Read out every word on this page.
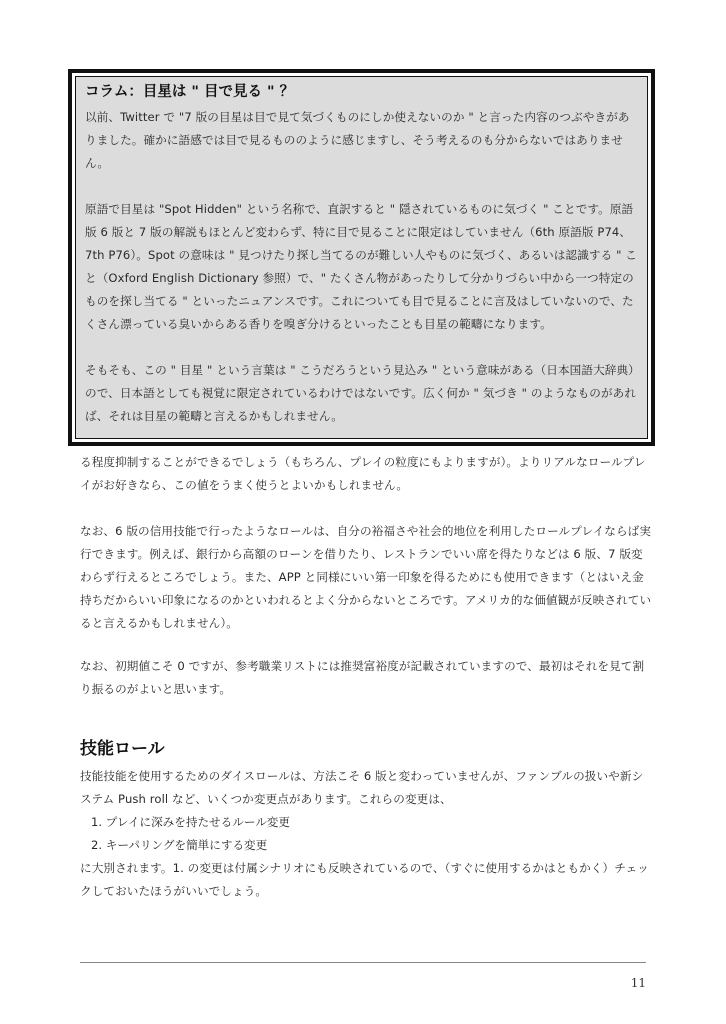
コラム：目星は " 目で見る " ？

以前、Twitter で "7 版の目星は目で見て気づくものにしか使えないのか " と言った内容のつぶやきがありました。確かに語感では目で見るもののように感じますし、そう考えるのも分からないではありません。

原語で目星は "Spot Hidden" という名称で、直訳すると " 隠されているものに気づく " ことです。原語版 6 版と 7 版の解説もほとんど変わらず、特に目で見ることに限定はしていません（6th 原語版 P74、7th P76）。Spot の意味は " 見つけたり探し当てるのが難しい人やものに気づく、あるいは認識する " こと（Oxford English Dictionary 参照）で、" たくさん物があったりして分かりづらい中から一つ特定のものを探し当てる " といったニュアンスです。これについても目で見ることに言及はしていないので、たくさん漂っている臭いからある香りを嗅ぎ分けるといったことも目星の範疇になります。

そもそも、この " 目星 " という言葉は " こうだろうという見込み " という意味がある（日本国語大辞典）ので、日本語としても視覚に限定されているわけではないです。広く何か " 気づき " のようなものがあれば、それは目星の範疇と言えるかもしれません。

る程度抑制することができるでしょう（もちろん、プレイの粒度にもよりますが）。よりリアルなロールプレイがお好きなら、この値をうまく使うとよいかもしれません。

なお、6 版の信用技能で行ったようなロールは、自分の裕福さや社会的地位を利用したロールプレイならば実行できます。例えば、銀行から高額のローンを借りたり、レストランでいい席を得たりなどは 6 版、7 版変わらず行えるところでしょう。また、APP と同様にいい第一印象を得るためにも使用できます（とはいえ金持ちだからいい印象になるのかといわれるとよく分からないところです。アメリカ的な価値観が反映されていると言えるかもしれません）。

なお、初期値こそ 0 ですが、参考職業リストには推奨富裕度が記載されていますので、最初はそれを見て割り振るのがよいと思います。

技能ロール

技能技能を使用するためのダイスロールは、方法こそ 6 版と変わっていませんが、ファンブルの扱いや新システム Push roll など、いくつか変更点があります。これらの変更は、

1. プレイに深みを持たせるルール変更
2. キーパリングを簡単にする変更

に大別されます。1. の変更は付属シナリオにも反映されているので、（すぐに使用するかはともかく）チェックしておいたほうがいいでしょう。

11
